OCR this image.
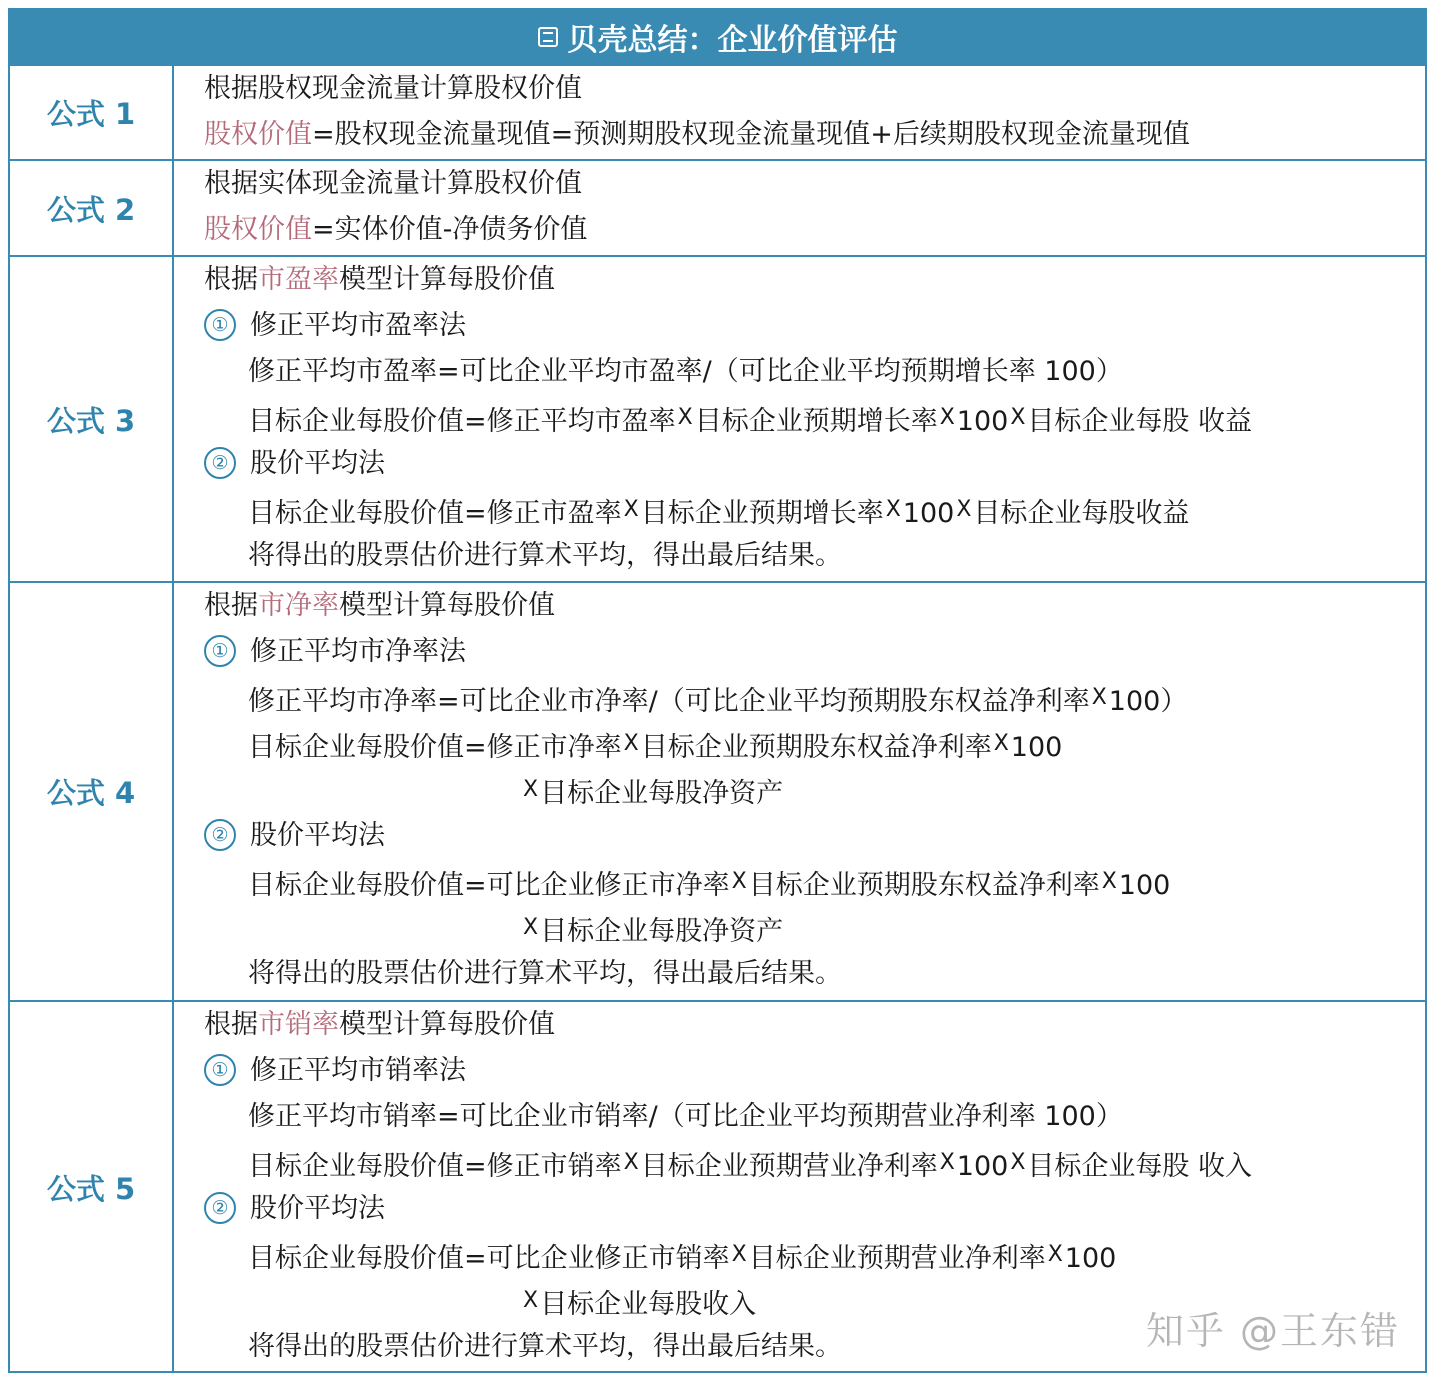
贝壳总结：企业价值评估
公式 1
根据股权现金流量计算股权价值
股权价值=股权现金流量现值=预测期股权现金流量现值+后续期股权现金流量现值
公式 2
根据实体现金流量计算股权价值
股权价值=实体价值-净债务价值
公式 3
根据市盈率模型计算每股价值
① 修正平均市盈率法
修正平均市盈率=可比企业平均市盈率/（可比企业平均预期增长率 100）
目标企业每股价值=修正平均市盈率$^X$目标企业预期增长率$^X100^X$目标企业每股 收益
② 股价平均法
目标企业每股价值=修正市盈率$^X$目标企业预期增长率$^X100^X$目标企业每股收益
将得出的股票估价进行算术平均，得出最后结果。
公式 4
根据市净率模型计算每股价值
① 修正平均市净率法
修正平均市净率=可比企业市净率/（可比企业平均预期股东权益净利率$^X$100）
目标企业每股价值=修正市净率$^X$目标企业预期股东权益净利率$^X$100
$^X$目标企业每股净资产
② 股价平均法
目标企业每股价值=可比企业修正市净率$^X$目标企业预期股东权益净利率$^X$100
$^X$目标企业每股净资产
将得出的股票估价进行算术平均，得出最后结果。
公式 5
根据市销率模型计算每股价值
① 修正平均市销率法
修正平均市销率=可比企业市销率/（可比企业平均预期营业净利率 100）
目标企业每股价值=修正市销率$^X$目标企业预期营业净利率$^X100^X$目标企业每股 收入
② 股价平均法
目标企业每股价值=可比企业修正市销率$^X$目标企业预期营业净利率$^X$100
$^X$目标企业每股收入
将得出的股票估价进行算术平均，得出最后结果。	知乎 @王东错
